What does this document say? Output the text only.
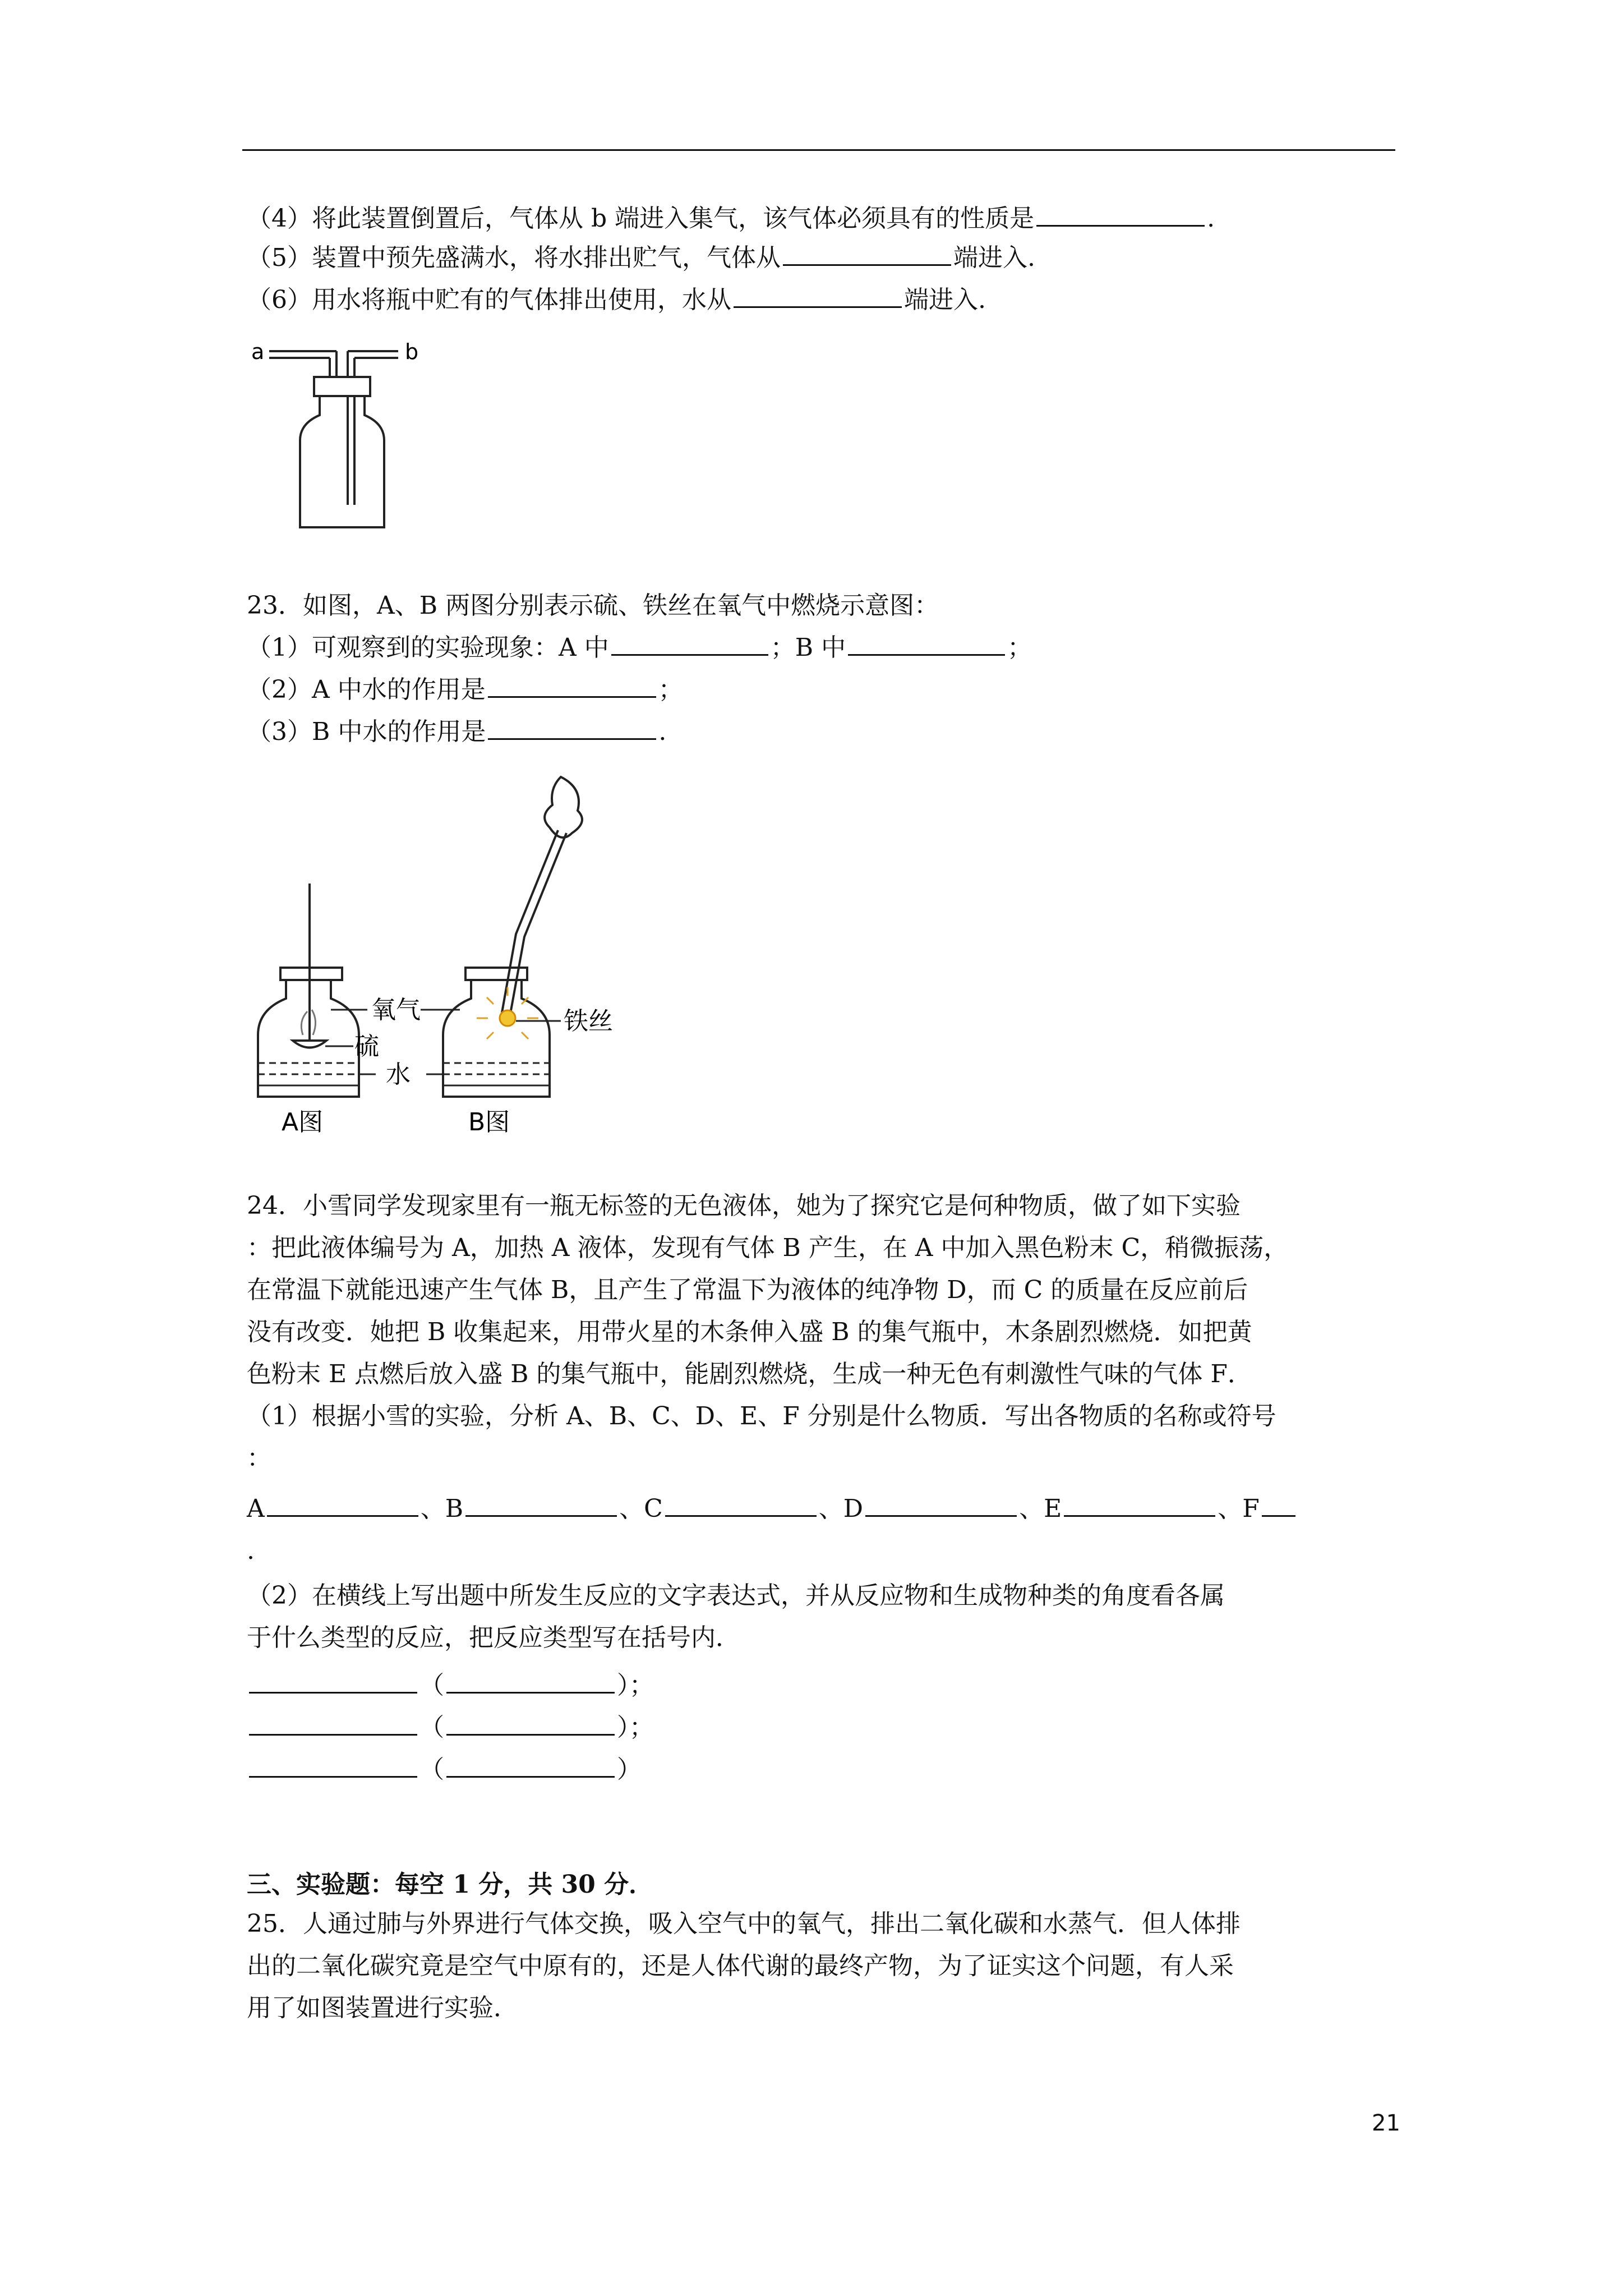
（4）将此装置倒置后，气体从 b 端进入集气，该气体必须具有的性质是	.
（5）装置中预先盛满水，将水排出贮气，气体从	端进入.
（6）用水将瓶中贮有的气体排出使用，水从	端进入.
a	b
23．如图，A、B 两图分别表示硫、铁丝在氧气中燃烧示意图：
（1）可观察到的实验现象：A 中	；B 中	；
（2）A 中水的作用是	；
（3）B 中水的作用是	.
氧气
硫
水
铁丝
A图	B图
24．小雪同学发现家里有一瓶无标签的无色液体，她为了探究它是何种物质，做了如下实验
：把此液体编号为 A，加热 A 液体，发现有气体 B 产生，在 A 中加入黑色粉末 C，稍微振荡，
在常温下就能迅速产生气体 B，且产生了常温下为液体的纯净物 D，而 C 的质量在反应前后
没有改变．她把 B 收集起来，用带火星的木条伸入盛 B 的集气瓶中，木条剧烈燃烧．如把黄
色粉末 E 点燃后放入盛 B 的集气瓶中，能剧烈燃烧，生成一种无色有刺激性气味的气体 F．
（1）根据小雪的实验，分析 A、B、C、D、E、F 分别是什么物质．写出各物质的名称或符号
：
A	、B	、C	、D	、E	、F
.
（2）在横线上写出题中所发生反应的文字表达式，并从反应物和生成物种类的角度看各属
于什么类型的反应，把反应类型写在括号内．
（	）；
（	）；
（	）
三、实验题：每空 1 分，共 30 分．
25．人通过肺与外界进行气体交换，吸入空气中的氧气，排出二氧化碳和水蒸气．但人体排
出的二氧化碳究竟是空气中原有的，还是人体代谢的最终产物，为了证实这个问题，有人采
用了如图装置进行实验．
21
